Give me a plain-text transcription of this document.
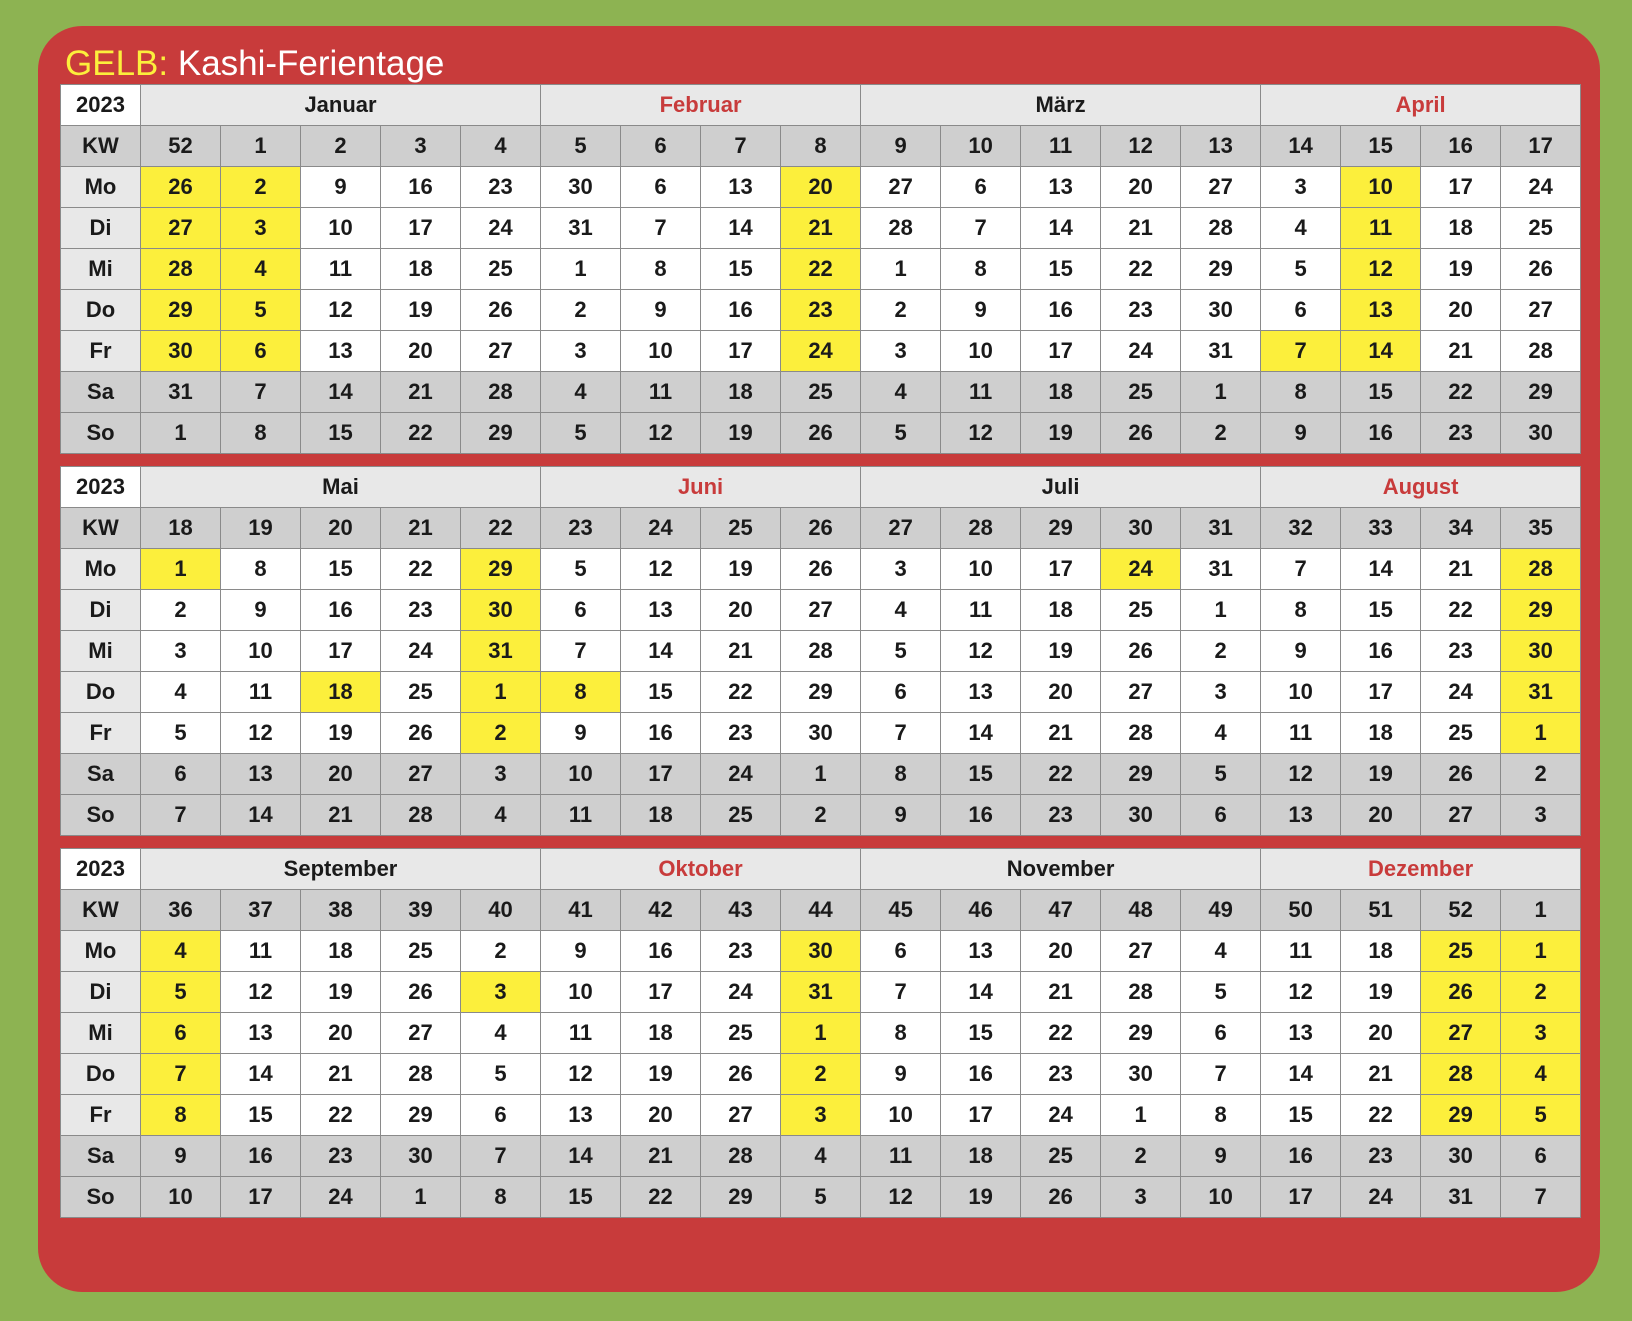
GELB: Kashi-Ferientage
2023	Januar					Februar				März					April			
KW	52	1	2	3	4	5	6	7	8	9	10	11	12	13	14	15	16	17
Mo	26	2	9	16	23	30	6	13	20	27	6	13	20	27	3	10	17	24
Di	27	3	10	17	24	31	7	14	21	28	7	14	21	28	4	11	18	25
Mi	28	4	11	18	25	1	8	15	22	1	8	15	22	29	5	12	19	26
Do	29	5	12	19	26	2	9	16	23	2	9	16	23	30	6	13	20	27
Fr	30	6	13	20	27	3	10	17	24	3	10	17	24	31	7	14	21	28
Sa	31	7	14	21	28	4	11	18	25	4	11	18	25	1	8	15	22	29
So	1	8	15	22	29	5	12	19	26	5	12	19	26	2	9	16	23	30
2023	Mai					Juni				Juli					August			
KW	18	19	20	21	22	23	24	25	26	27	28	29	30	31	32	33	34	35
Mo	1	8	15	22	29	5	12	19	26	3	10	17	24	31	7	14	21	28
Di	2	9	16	23	30	6	13	20	27	4	11	18	25	1	8	15	22	29
Mi	3	10	17	24	31	7	14	21	28	5	12	19	26	2	9	16	23	30
Do	4	11	18	25	1	8	15	22	29	6	13	20	27	3	10	17	24	31
Fr	5	12	19	26	2	9	16	23	30	7	14	21	28	4	11	18	25	1
Sa	6	13	20	27	3	10	17	24	1	8	15	22	29	5	12	19	26	2
So	7	14	21	28	4	11	18	25	2	9	16	23	30	6	13	20	27	3
2023	September					Oktober				November					Dezember			
KW	36	37	38	39	40	41	42	43	44	45	46	47	48	49	50	51	52	1
Mo	4	11	18	25	2	9	16	23	30	6	13	20	27	4	11	18	25	1
Di	5	12	19	26	3	10	17	24	31	7	14	21	28	5	12	19	26	2
Mi	6	13	20	27	4	11	18	25	1	8	15	22	29	6	13	20	27	3
Do	7	14	21	28	5	12	19	26	2	9	16	23	30	7	14	21	28	4
Fr	8	15	22	29	6	13	20	27	3	10	17	24	1	8	15	22	29	5
Sa	9	16	23	30	7	14	21	28	4	11	18	25	2	9	16	23	30	6
So	10	17	24	1	8	15	22	29	5	12	19	26	3	10	17	24	31	7
